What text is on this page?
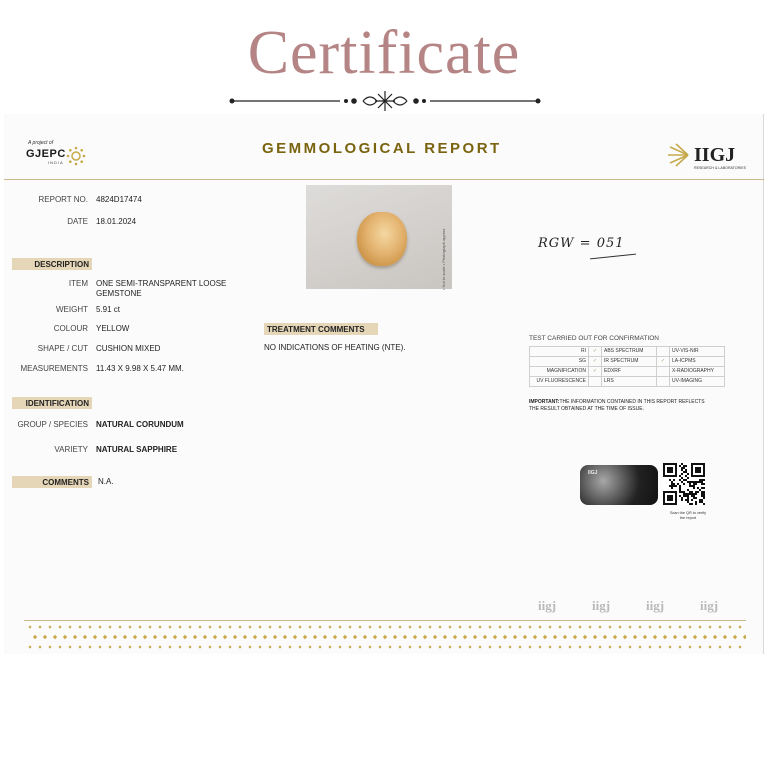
Certificate
A project of
GJEPC
INDIA
GEMMOLOGICAL REPORT	IIGJ
RESEARCH & LABORATORIES
REPORT NO. 4824D17474
DATE 18.01.2024
DESCRIPTION
ITEM ONE SEMI-TRANSPARENT LOOSE
GEMSTONE
WEIGHT 5.91 ct
COLOUR YELLOW
SHAPE / CUT CUSHION MIXED
MEASUREMENTS 11.43 X 9.98 X 5.47 MM.
IDENTIFICATION
GROUP / SPECIES NATURAL CORUNDUM
VARIETY NATURAL SAPPHIRE
COMMENTS	N.A.
• Not to scale • Photograph approx.
TREATMENT COMMENTS
NO INDICATIONS OF HEATING (NTE).
RGW = 051
TEST CARRIED OUT FOR CONFIRMATION
RI	✓	ABS SPECTRUM		UV-VIS-NIR
SG	✓	IR SPECTRUM	✓	LA-ICPMS
MAGNIFICATION	✓	EDXRF		X-RADIOGRAPHY
UV FLUORESCENCE		LRS		UV-IMAGING
IMPORTANT:THE INFORMATION CONTAINED IN THIS REPORT REFLECTS THE RESULT OBTAINED AT THE TIME OF ISSUE.
IIGJ
Scan the QR to verify the report
iigj	iigj	iigj	iigj
